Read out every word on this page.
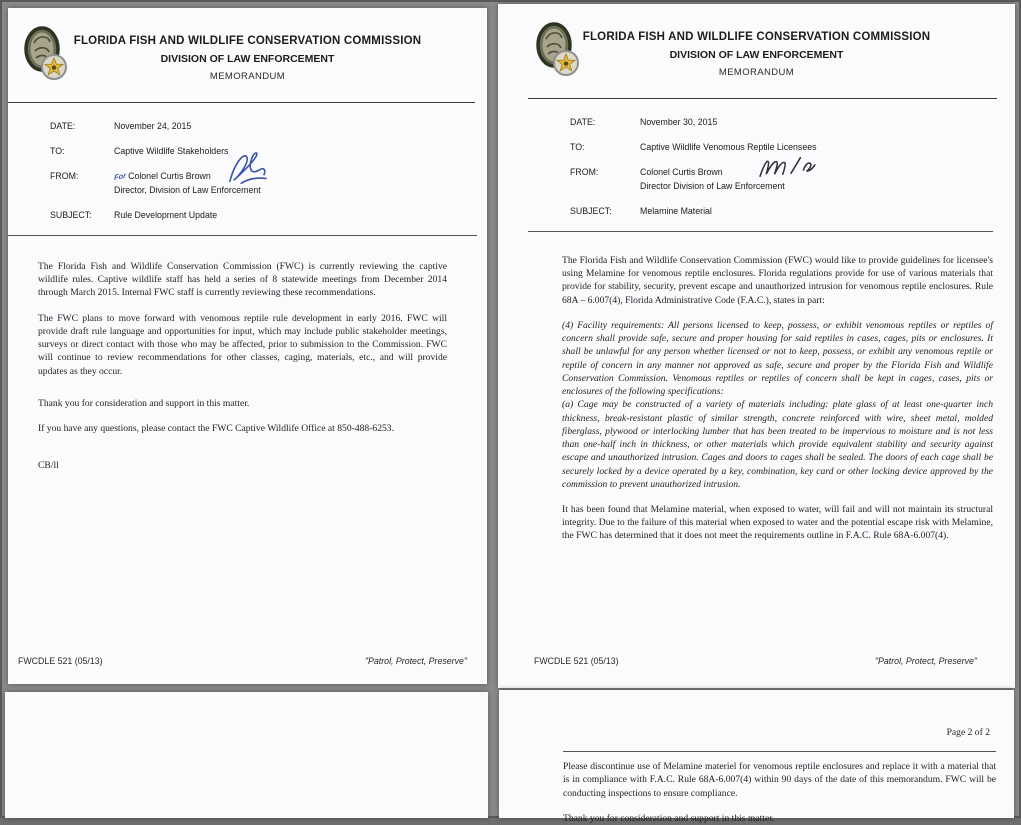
FLORIDA FISH AND WILDLIFE CONSERVATION COMMISSION
DIVISION OF LAW ENFORCEMENT
MEMORANDUM
DATE:	November 24, 2015
TO:	Captive Wildlife Stakeholders
FROM:	For Colonel Curtis Brown
Director, Division of Law Enforcement
SUBJECT:	Rule Development Update

The Florida Fish and Wildlife Conservation Commission (FWC) is currently reviewing the captive wildlife rules. Captive wildlife staff has held a series of 8 statewide meetings from December 2014 through March 2015. Internal FWC staff is currently reviewing these recommendations.

The FWC plans to move forward with venomous reptile rule development in early 2016. FWC will provide draft rule language and opportunities for input, which may include public stakeholder meetings, surveys or direct contact with those who may be affected, prior to submission to the Commission. FWC will continue to review recommendations for other classes, caging, materials, etc., and will provide updates as they occur.

Thank you for consideration and support in this matter.

If you have any questions, please contact the FWC Captive Wildlife Office at 850-488-6253.

CB/ll
FWCDLE 521 (05/13)	"Patrol, Protect, Preserve"
FLORIDA FISH AND WILDLIFE CONSERVATION COMMISSION
DIVISION OF LAW ENFORCEMENT
MEMORANDUM
DATE:	November 30, 2015
TO:	Captive Wildlife Venomous Reptile Licensees
FROM:	Colonel Curtis Brown
Director Division of Law Enforcement
SUBJECT:	Melamine Material

The Florida Fish and Wildlife Conservation Commission (FWC) would like to provide guidelines for licensee's using Melamine for venomous reptile enclosures. Florida regulations provide for use of various materials that provide for stability, security, prevent escape and unauthorized intrusion for venomous reptile enclosures. Rule 68A – 6.007(4), Florida Administrative Code (F.A.C.), states in part:

(4) Facility requirements: All persons licensed to keep, possess, or exhibit venomous reptiles or reptiles of concern shall provide safe, secure and proper housing for said reptiles in cases, cages, pits or enclosures. It shall be unlawful for any person whether licensed or not to keep, possess, or exhibit any venomous reptile or reptile of concern in any manner not approved as safe, secure and proper by the Florida Fish and Wildlife Conservation Commission. Venomous reptiles or reptiles of concern shall be kept in cages, cases, pits or enclosures of the following specifications:

(a) Cage may be constructed of a variety of materials including: plate glass of at least one-quarter inch thickness, break-resistant plastic of similar strength, concrete reinforced with wire, sheet metal, molded fiberglass, plywood or interlocking lumber that has been treated to be impervious to moisture and is not less than one-half inch in thickness, or other materials which provide equivalent stability and security against escape and unauthorized intrusion. Cages and doors to cages shall be sealed. The doors of each cage shall be securely locked by a device operated by a key, combination, key card or other locking device approved by the commission to prevent unauthorized intrusion.

It has been found that Melamine material, when exposed to water, will fail and will not maintain its structural integrity. Due to the failure of this material when exposed to water and the potential escape risk with Melamine, the FWC has determined that it does not meet the requirements outline in F.A.C. Rule 68A-6.007(4).

FWCDLE 521 (05/13)	"Patrol, Protect, Preserve"
Page 2 of 2

Please discontinue use of Melamine materiel for venomous reptile enclosures and replace it with a material that is in compliance with F.A.C. Rule 68A-6.007(4) within 90 days of the date of this memorandum. FWC will be conducting inspections to ensure compliance.

Thank you for consideration and support in this matter.
